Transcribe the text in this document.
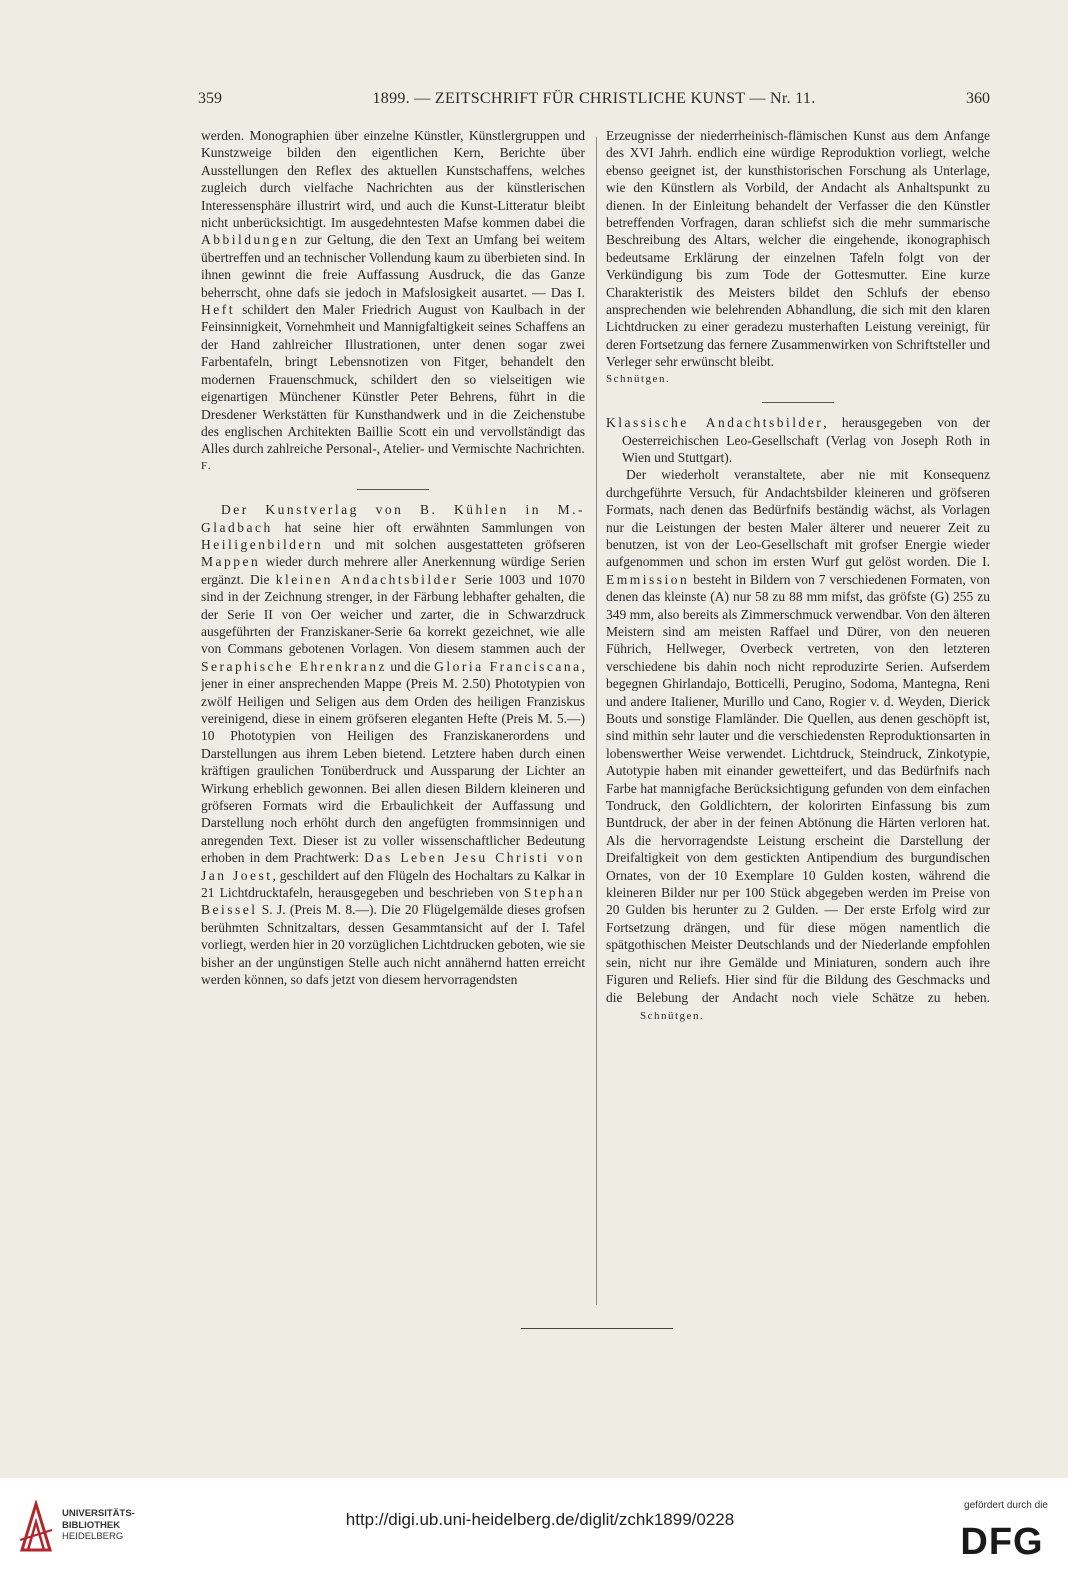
359	1899. — ZEITSCHRIFT FÜR CHRISTLICHE KUNST — Nr. 11.	360

werden. Monographien über einzelne Künstler, Künstlergruppen und Kunstzweige bilden den eigentlichen Kern, Berichte über Ausstellungen den Reflex des aktuellen Kunstschaffens, welches zugleich durch vielfache Nachrichten aus der künstlerischen Interessensphäre illustrirt wird, und auch die Kunst-Litteratur bleibt nicht unberücksichtigt. Im ausgedehntesten Mafse kommen dabei die Abbildungen zur Geltung, die den Text an Umfang bei weitem übertreffen und an technischer Vollendung kaum zu überbieten sind. In ihnen gewinnt die freie Auffassung Ausdruck, die das Ganze beherrscht, ohne dafs sie jedoch in Mafslosigkeit ausartet. — Das I. Heft schildert den Maler Friedrich August von Kaulbach in der Feinsinnigkeit, Vornehmheit und Mannigfaltigkeit seines Schaffens an der Hand zahlreicher Illustrationen, unter denen sogar zwei Farbentafeln, bringt Lebensnotizen von Fitger, behandelt den modernen Frauenschmuck, schildert den so vielseitigen wie eigenartigen Münchener Künstler Peter Behrens, führt in die Dresdener Werkstätten für Kunsthandwerk und in die Zeichenstube des englischen Architekten Baillie Scott ein und vervollständigt das Alles durch zahlreiche Personal-, Atelier- und Vermischte Nachrichten.

F.

Der Kunstverlag von B. Kühlen in M.-Gladbach hat seine hier oft erwähnten Sammlungen von Heiligenbildern und mit solchen ausgestatteten gröfseren Mappen wieder durch mehrere aller Anerkennung würdige Serien ergänzt. Die kleinen Andachtsbilder Serie 1003 und 1070 sind in der Zeichnung strenger, in der Färbung lebhafter gehalten, die der Serie II von Oer weicher und zarter, die in Schwarzdruck ausgeführten der Franziskaner-Serie 6a korrekt gezeichnet, wie alle von Commans gebotenen Vorlagen. Von diesem stammen auch der Seraphische Ehrenkranz und die Gloria Franciscana, jener in einer ansprechenden Mappe (Preis M. 2.50) Phototypien von zwölf Heiligen und Seligen aus dem Orden des heiligen Franziskus vereinigend, diese in einem gröfseren eleganten Hefte (Preis M. 5.—) 10 Phototypien von Heiligen des Franziskanerordens und Darstellungen aus ihrem Leben bietend. Letztere haben durch einen kräftigen graulichen Tonüberdruck und Aussparung der Lichter an Wirkung erheblich gewonnen. Bei allen diesen Bildern kleineren und gröfseren Formats wird die Erbaulichkeit der Auffassung und Darstellung noch erhöht durch den angefügten frommsinnigen und anregenden Text. Dieser ist zu voller wissenschaftlicher Bedeutung erhoben in dem Prachtwerk: Das Leben Jesu Christi von Jan Joest, geschildert auf den Flügeln des Hochaltars zu Kalkar in 21 Lichtdrucktafeln, herausgegeben und beschrieben von Stephan Beissel S. J. (Preis M. 8.—). Die 20 Flügelgemälde dieses grofsen berühmten Schnitzaltars, dessen Gesammtansicht auf der I. Tafel vorliegt, werden hier in 20 vorzüglichen Lichtdrucken geboten, wie sie bisher an der ungünstigen Stelle auch nicht annähernd hatten erreicht werden können, so dafs jetzt von diesem hervorragendsten

Erzeugnisse der niederrheinisch-flämischen Kunst aus dem Anfange des XVI Jahrh. endlich eine würdige Reproduktion vorliegt, welche ebenso geeignet ist, der kunsthistorischen Forschung als Unterlage, wie den Künstlern als Vorbild, der Andacht als Anhaltspunkt zu dienen. In der Einleitung behandelt der Verfasser die den Künstler betreffenden Vorfragen, daran schliefst sich die mehr summarische Beschreibung des Altars, welcher die eingehende, ikonographisch bedeutsame Erklärung der einzelnen Tafeln folgt von der Verkündigung bis zum Tode der Gottesmutter. Eine kurze Charakteristik des Meisters bildet den Schlufs der ebenso ansprechenden wie belehrenden Abhandlung, die sich mit den klaren Lichtdrucken zu einer geradezu musterhaften Leistung vereinigt, für deren Fortsetzung das fernere Zusammenwirken von Schriftsteller und Verleger sehr erwünscht bleibt.

Schnütgen.

Klassische Andachtsbilder, herausgegeben von der Oesterreichischen Leo-Gesellschaft (Verlag von Joseph Roth in Wien und Stuttgart).

Der wiederholt veranstaltete, aber nie mit Konsequenz durchgeführte Versuch, für Andachtsbilder kleineren und gröfseren Formats, nach denen das Bedürfnifs beständig wächst, als Vorlagen nur die Leistungen der besten Maler älterer und neuerer Zeit zu benutzen, ist von der Leo-Gesellschaft mit grofser Energie wieder aufgenommen und schon im ersten Wurf gut gelöst worden. Die I. Emmission besteht in Bildern von 7 verschiedenen Formaten, von denen das kleinste (A) nur 58 zu 88 mm mifst, das gröfste (G) 255 zu 349 mm, also bereits als Zimmerschmuck verwendbar. Von den älteren Meistern sind am meisten Raffael und Dürer, von den neueren Führich, Hellweger, Overbeck vertreten, von den letzteren verschiedene bis dahin noch nicht reproduzirte Serien. Aufserdem begegnen Ghirlandajo, Botticelli, Perugino, Sodoma, Mantegna, Reni und andere Italiener, Murillo und Cano, Rogier v. d. Weyden, Dierick Bouts und sonstige Flamländer. Die Quellen, aus denen geschöpft ist, sind mithin sehr lauter und die verschiedensten Reproduktionsarten in lobenswerther Weise verwendet. Lichtdruck, Steindruck, Zinkotypie, Autotypie haben mit einander gewetteifert, und das Bedürfnifs nach Farbe hat mannigfache Berücksichtigung gefunden von dem einfachen Tondruck, den Goldlichtern, der kolorirten Einfassung bis zum Buntdruck, der aber in der feinen Abtönung die Härten verloren hat. Als die hervorragendste Leistung erscheint die Darstellung der Dreifaltigkeit von dem gestickten Antipendium des burgundischen Ornates, von der 10 Exemplare 10 Gulden kosten, während die kleineren Bilder nur per 100 Stück abgegeben werden im Preise von 20 Gulden bis herunter zu 2 Gulden. — Der erste Erfolg wird zur Fortsetzung drängen, und für diese mögen namentlich die spätgothischen Meister Deutschlands und der Niederlande empfohlen sein, nicht nur ihre Gemälde und Miniaturen, sondern auch ihre Figuren und Reliefs. Hier sind für die Bildung des Geschmacks und die Belebung der Andacht noch viele Schätze zu heben.Schnütgen.

UNIVERSITÄTS-
BIBLIOTHEK
HEIDELBERG
http://digi.ub.uni-heidelberg.de/diglit/zchk1899/0228
gefördert durch die
DFG
